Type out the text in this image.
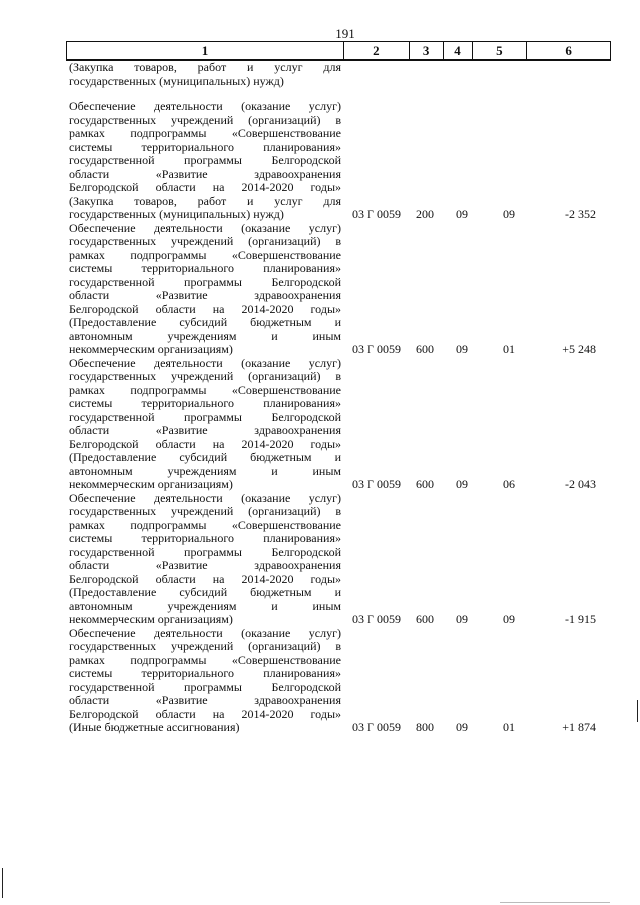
191
1	2	3	4	5	6
(Закупка товаров, работ и услуг для
государственных (муниципальных) нужд)
Обеспечение деятельности (оказание услуг)
государственных учреждений (организаций) в
рамках подпрограммы «Совершенствование
системы территориального планирования»
государственной программы Белгородской
области «Развитие здравоохранения
Белгородской области на 2014-2020 годы»
(Закупка товаров, работ и услуг для
государственных (муниципальных) нужд)	03 Г 0059	200	09	09	-2 352
Обеспечение деятельности (оказание услуг)
государственных учреждений (организаций) в
рамках подпрограммы «Совершенствование
системы территориального планирования»
государственной программы Белгородской
области «Развитие здравоохранения
Белгородской области на 2014-2020 годы»
(Предоставление субсидий бюджетным и
автономным учреждениям и иным
некоммерческим организациям)	03 Г 0059	600	09	01	+5 248
Обеспечение деятельности (оказание услуг)
государственных учреждений (организаций) в
рамках подпрограммы «Совершенствование
системы территориального планирования»
государственной программы Белгородской
области «Развитие здравоохранения
Белгородской области на 2014-2020 годы»
(Предоставление субсидий бюджетным и
автономным учреждениям и иным
некоммерческим организациям)	03 Г 0059	600	09	06	-2 043
Обеспечение деятельности (оказание услуг)
государственных учреждений (организаций) в
рамках подпрограммы «Совершенствование
системы территориального планирования»
государственной программы Белгородской
области «Развитие здравоохранения
Белгородской области на 2014-2020 годы»
(Предоставление субсидий бюджетным и
автономным учреждениям и иным
некоммерческим организациям)	03 Г 0059	600	09	09	-1 915
Обеспечение деятельности (оказание услуг)
государственных учреждений (организаций) в
рамках подпрограммы «Совершенствование
системы территориального планирования»
государственной программы Белгородской
области «Развитие здравоохранения
Белгородской области на 2014-2020 годы»
(Иные бюджетные ассигнования)	03 Г 0059	800	09	01	+1 874
